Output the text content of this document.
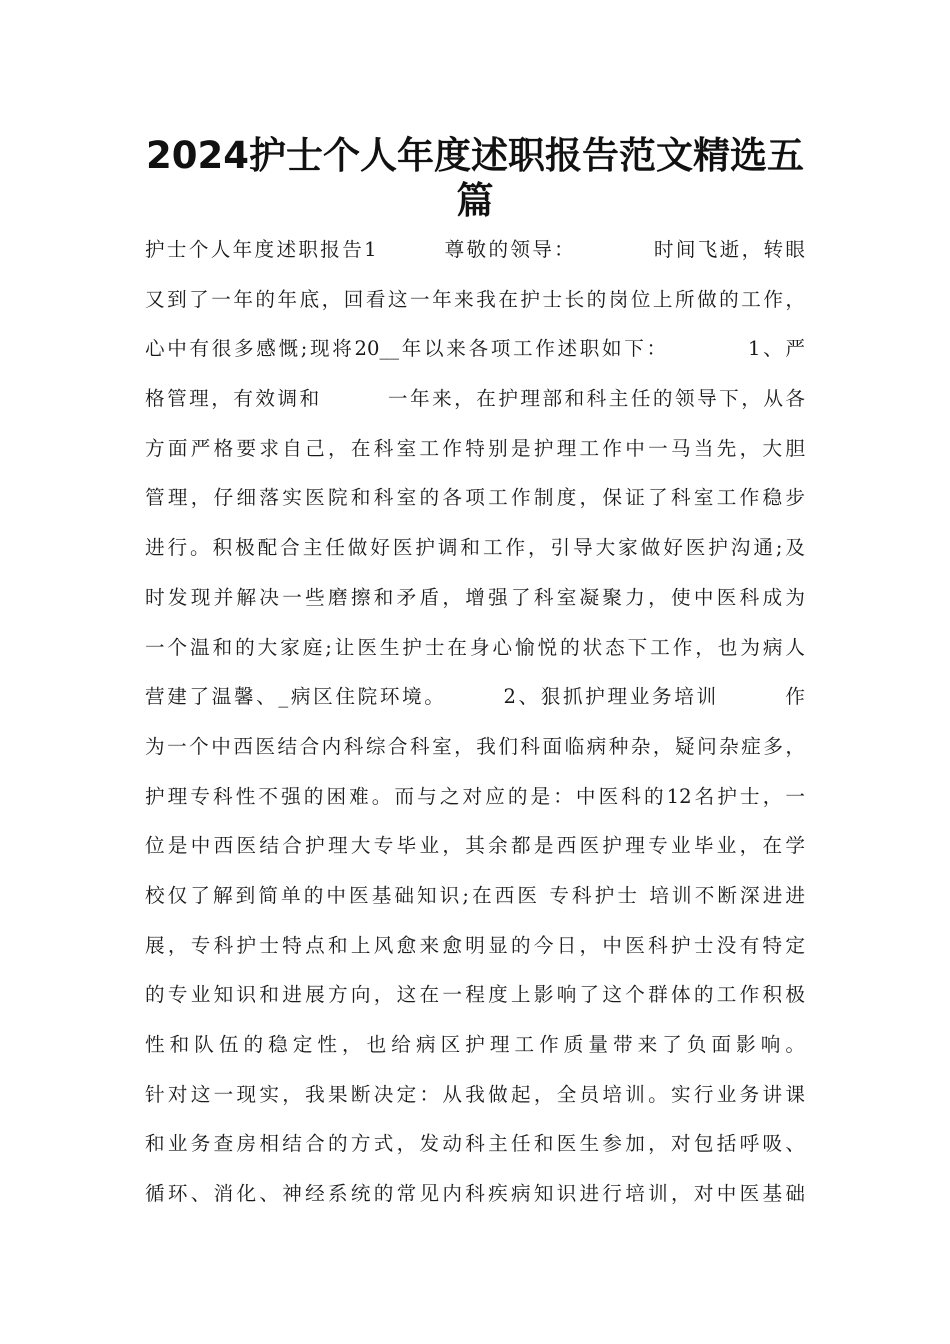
2024护士个人年度述职报告范文精选五
篇
护士个人年度述职报告1　　　尊敬的领导：　　　　时间飞逝，转眼
又到了一年的年底，回看这一年来我在护士长的岗位上所做的工作，
心中有很多感慨;现将20__年以来各项工作述职如下：　　　　1、严
格管理，有效调和　　　一年来，在护理部和科主任的领导下，从各
方面严格要求自己，在科室工作特别是护理工作中一马当先，大胆
管理，仔细落实医院和科室的各项工作制度，保证了科室工作稳步
进行。积极配合主任做好医护调和工作，引导大家做好医护沟通;及
时发现并解决一些磨擦和矛盾，增强了科室凝聚力，使中医科成为
一个温和的大家庭;让医生护士在身心愉悦的状态下工作，也为病人
营建了温馨、_病区住院环境。　　　2、狠抓护理业务培训　　　作
为一个中西医结合内科综合科室，我们科面临病种杂，疑问杂症多，
护理专科性不强的困难。而与之对应的是：中医科的12名护士，一
位是中西医结合护理大专毕业，其余都是西医护理专业毕业，在学
校仅了解到简单的中医基础知识;在西医 专科护士 培训不断深进进
展，专科护士特点和上风愈来愈明显的今日，中医科护士没有特定
的专业知识和进展方向，这在一程度上影响了这个群体的工作积极
性和队伍的稳定性，也给病区护理工作质量带来了负面影响。
针对这一现实，我果断决定：从我做起，全员培训。实行业务讲课
和业务查房相结合的方式，发动科主任和医生参加，对包括呼吸、
循环、消化、神经系统的常见内科疾病知识进行培训，对中医基础
